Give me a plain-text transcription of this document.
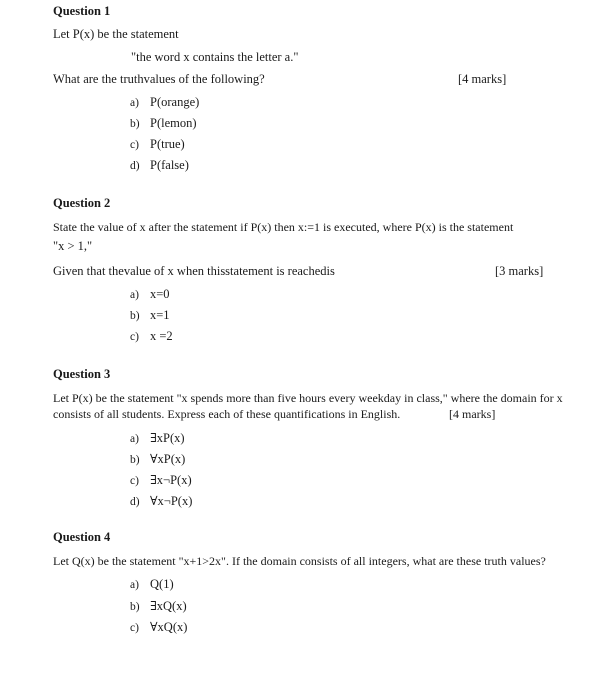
Question 1

Let P(x) be the statement

"the word x contains the letter a."

What are the truthvalues of the following?	[4 marks]
a) P(orange)
b) P(lemon)
c) P(true)
d) P(false)

Question 2

State the value of x after the statement if P(x) then x:=1 is executed, where P(x) is the statement

"x > 1,"

Given that thevalue of x when thisstatement is reachedis	[3 marks]
a) x=0
b) x=1
c) x =2

Question 3

Let P(x) be the statement "x spends more than five hours every weekday in class," where the domain for x

consists of all students. Express each of these quantifications in English.	[4 marks]
a) ∃xP(x)
b) ∀xP(x)
c) ∃x¬P(x)
d) ∀x¬P(x)

Question 4

Let Q(x) be the statement "x+1>2x". If the domain consists of all integers, what are these truth values?

a) Q(1)
b) ∃xQ(x)
c) ∀xQ(x)
